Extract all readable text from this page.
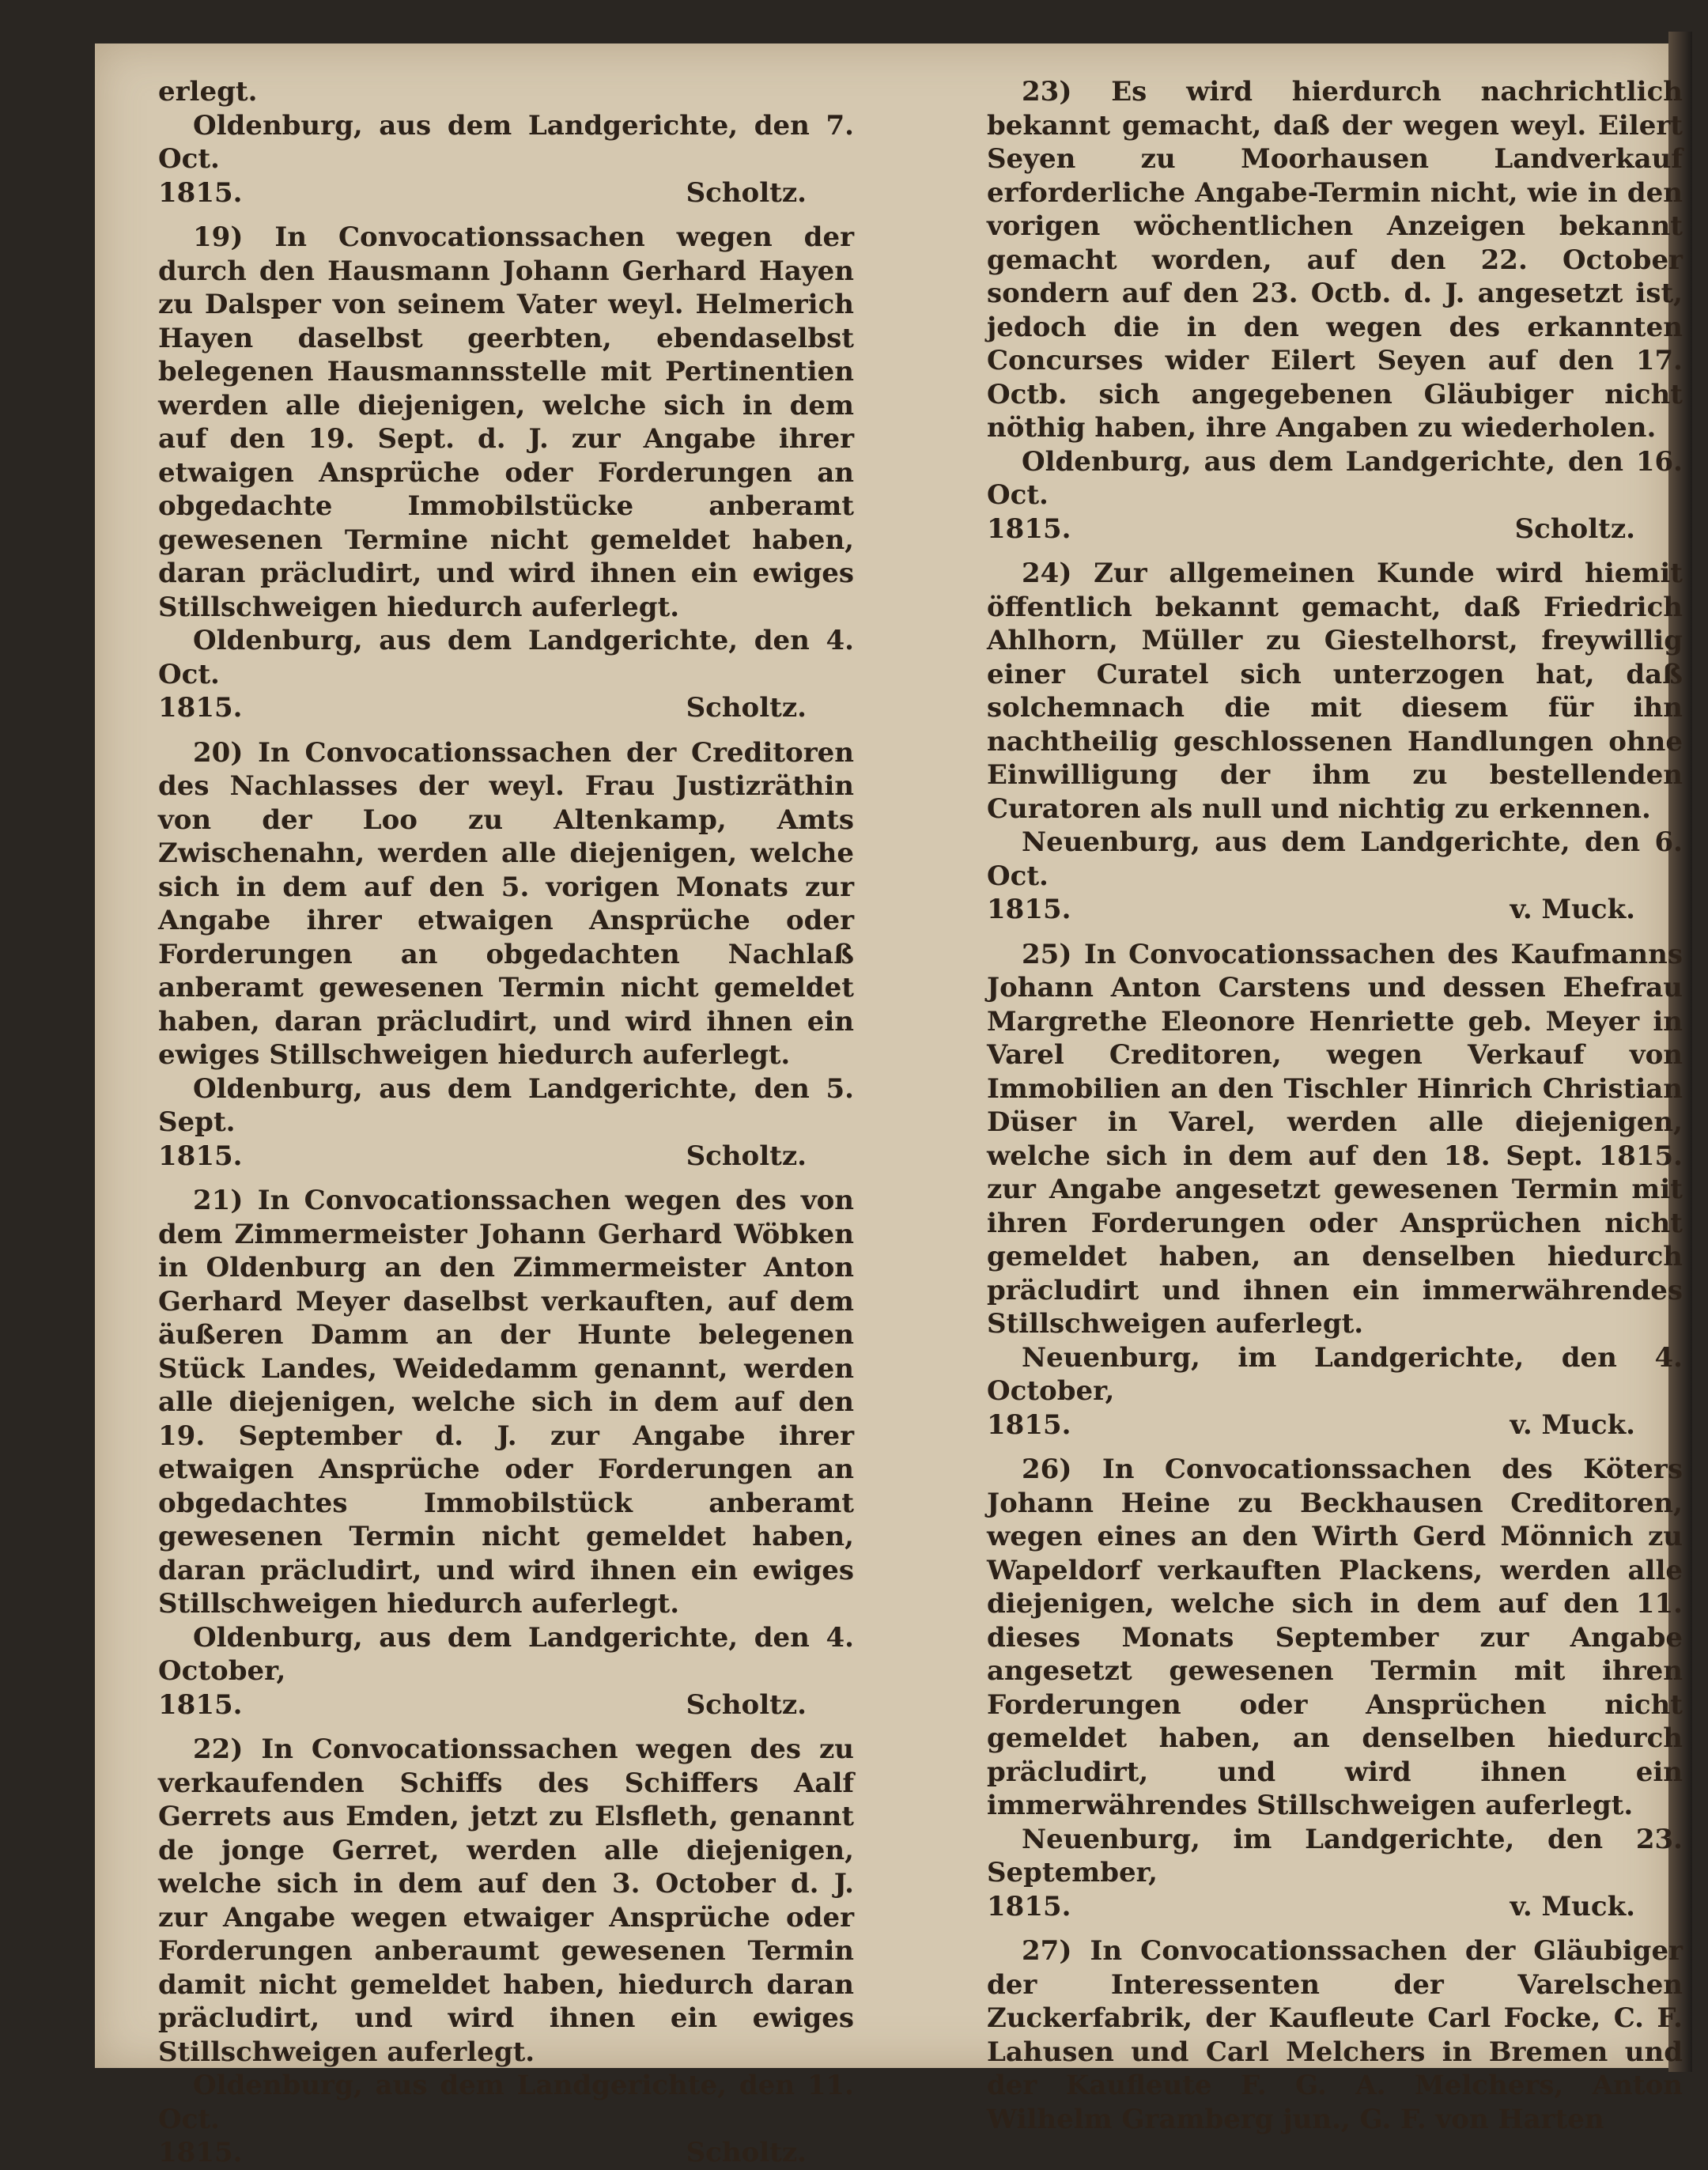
erlegt.

Oldenburg, aus dem Landgerichte, den 7. Oct.

1815.	Scholtz.

19) In Convocationssachen wegen der durch den Hausmann Johann Gerhard Hayen zu Dalsper von seinem Vater weyl. Helmerich Hayen daselbst geerbten, ebendaselbst belegenen Hausmannsstelle mit Pertinentien werden alle diejenigen, welche sich in dem auf den 19. Sept. d. J. zur Angabe ihrer etwaigen Ansprüche oder Forderungen an obgedachte Immobilstücke anberamt gewesenen Termine nicht gemeldet haben, daran präcludirt, und wird ihnen ein ewiges Stillschweigen hiedurch auferlegt.

Oldenburg, aus dem Landgerichte, den 4. Oct.

1815.	Scholtz.

20) In Convocationssachen der Creditoren des Nachlasses der weyl. Frau Justizräthin von der Loo zu Altenkamp, Amts Zwischenahn, werden alle diejenigen, welche sich in dem auf den 5. vorigen Monats zur Angabe ihrer etwaigen Ansprüche oder Forderungen an obgedachten Nachlaß anberamt gewesenen Termin nicht gemeldet haben, daran präcludirt, und wird ihnen ein ewiges Stillschweigen hiedurch auferlegt.

Oldenburg, aus dem Landgerichte, den 5. Sept.

1815.	Scholtz.

21) In Convocationssachen wegen des von dem Zimmermeister Johann Gerhard Wöbken in Oldenburg an den Zimmermeister Anton Gerhard Meyer daselbst verkauften, auf dem äußeren Damm an der Hunte belegenen Stück Landes, Weidedamm genannt, werden alle diejenigen, welche sich in dem auf den 19. September d. J. zur Angabe ihrer etwaigen Ansprüche oder Forderungen an obgedachtes Immobilstück anberamt gewesenen Termin nicht gemeldet haben, daran präcludirt, und wird ihnen ein ewiges Stillschweigen hiedurch auferlegt.

Oldenburg, aus dem Landgerichte, den 4. October,

1815.	Scholtz.

22) In Convocationssachen wegen des zu verkaufenden Schiffs des Schiffers Aalf Gerrets aus Emden, jetzt zu Elsfleth, genannt de jonge Gerret, werden alle diejenigen, welche sich in dem auf den 3. October d. J. zur Angabe wegen etwaiger Ansprüche oder Forderungen anberaumt gewesenen Termin damit nicht gemeldet haben, hiedurch daran präcludirt, und wird ihnen ein ewiges Stillschweigen auferlegt.

Oldenburg, aus dem Landgerichte, den 11. Oct.

1815.	Scholtz.

23) Es wird hierdurch nachrichtlich bekannt gemacht, daß der wegen weyl. Eilert Seyen zu Moorhausen Landverkauf erforderliche Angabe-Termin nicht, wie in den vorigen wöchentlichen Anzeigen bekannt gemacht worden, auf den 22. October sondern auf den 23. Octb. d. J. angesetzt ist, jedoch die in den wegen des erkannten Concurses wider Eilert Seyen auf den 17. Octb. sich angegebenen Gläubiger nicht nöthig haben, ihre Angaben zu wiederholen.

Oldenburg, aus dem Landgerichte, den 16. Oct.

1815.	Scholtz.

24) Zur allgemeinen Kunde wird hiemit öffentlich bekannt gemacht, daß Friedrich Ahlhorn, Müller zu Giestelhorst, freywillig einer Curatel sich unterzogen hat, daß solchemnach die mit diesem für ihn nachtheilig geschlossenen Handlungen ohne Einwilligung der ihm zu bestellenden Curatoren als null und nichtig zu erkennen.

Neuenburg, aus dem Landgerichte, den 6. Oct.

1815.	v. Muck.

25) In Convocationssachen des Kaufmanns Johann Anton Carstens und dessen Ehefrau Margrethe Eleonore Henriette geb. Meyer in Varel Creditoren, wegen Verkauf von Immobilien an den Tischler Hinrich Christian Düser in Varel, werden alle diejenigen, welche sich in dem auf den 18. Sept. 1815. zur Angabe angesetzt gewesenen Termin mit ihren Forderungen oder Ansprüchen nicht gemeldet haben, an denselben hiedurch präcludirt und ihnen ein immerwährendes Stillschweigen auferlegt.

Neuenburg, im Landgerichte, den 4. October,

1815.	v. Muck.

26) In Convocationssachen des Köters Johann Heine zu Beckhausen Creditoren, wegen eines an den Wirth Gerd Mönnich zu Wapeldorf verkauften Plackens, werden alle diejenigen, welche sich in dem auf den 11. dieses Monats September zur Angabe angesetzt gewesenen Termin mit ihren Forderungen oder Ansprüchen nicht gemeldet haben, an denselben hiedurch präcludirt, und wird ihnen ein immerwährendes Stillschweigen auferlegt.

Neuenburg, im Landgerichte, den 23. September,

1815.	v. Muck.

27) In Convocationssachen der Gläubiger der Interessenten der Varelschen Zuckerfabrik, der Kaufleute Carl Focke, C. F. Lahusen und Carl Melchers in Bremen und der Kaufleute F. G. A. Melchers, Anton Wilhelm Gramberg jun., G. F. von Harten
